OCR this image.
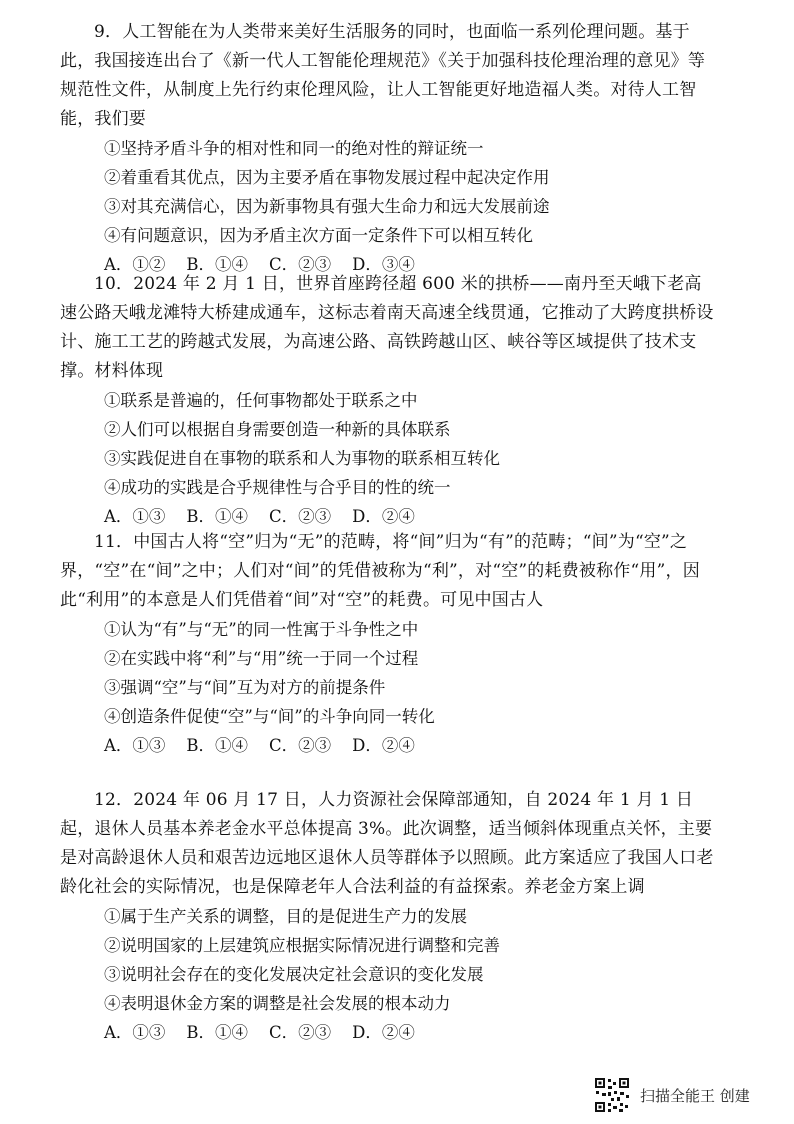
9．人工智能在为人类带来美好生活服务的同时，也面临一系列伦理问题。基于此，我国接连出台了《新一代人工智能伦理规范》《关于加强科技伦理治理的意见》等规范性文件，从制度上先行约束伦理风险，让人工智能更好地造福人类。对待人工智能，我们要

①坚持矛盾斗争的相对性和同一的绝对性的辩证统一

②着重看其优点，因为主要矛盾在事物发展过程中起决定作用

③对其充满信心，因为新事物具有强大生命力和远大发展前途

④有问题意识，因为矛盾主次方面一定条件下可以相互转化

A．①②    B．①④    C．②③    D．③④

10．2024 年 2 月 1 日，世界首座跨径超 600 米的拱桥——南丹至天峨下老高速公路天峨龙滩特大桥建成通车，这标志着南天高速全线贯通，它推动了大跨度拱桥设计、施工工艺的跨越式发展，为高速公路、高铁跨越山区、峡谷等区域提供了技术支撑。材料体现

①联系是普遍的，任何事物都处于联系之中

②人们可以根据自身需要创造一种新的具体联系

③实践促进自在事物的联系和人为事物的联系相互转化

④成功的实践是合乎规律性与合乎目的性的统一

A．①③    B．①④    C．②③    D．②④

11．中国古人将“空”归为“无”的范畴，将“间”归为“有”的范畴；“间”为“空”之界，“空”在“间”之中；人们对“间”的凭借被称为“利”，对“空”的耗费被称作“用”，因此“利用”的本意是人们凭借着“间”对“空”的耗费。可见中国古人

①认为“有”与“无”的同一性寓于斗争性之中

②在实践中将“利”与“用”统一于同一个过程

③强调“空”与“间”互为对方的前提条件

④创造条件促使“空”与“间”的斗争向同一转化

A．①③    B．①④    C．②③    D．②④

12．2024 年 06 月 17 日，人力资源社会保障部通知，自 2024 年 1 月 1 日起，退休人员基本养老金水平总体提高 3%。此次调整，适当倾斜体现重点关怀，主要是对高龄退休人员和艰苦边远地区退休人员等群体予以照顾。此方案适应了我国人口老龄化社会的实际情况，也是保障老年人合法利益的有益探索。养老金方案上调

①属于生产关系的调整，目的是促进生产力的发展

②说明国家的上层建筑应根据实际情况进行调整和完善

③说明社会存在的变化发展决定社会意识的变化发展

④表明退休金方案的调整是社会发展的根本动力

A．①③    B．①④    C．②③    D．②④

扫描全能王 创建
